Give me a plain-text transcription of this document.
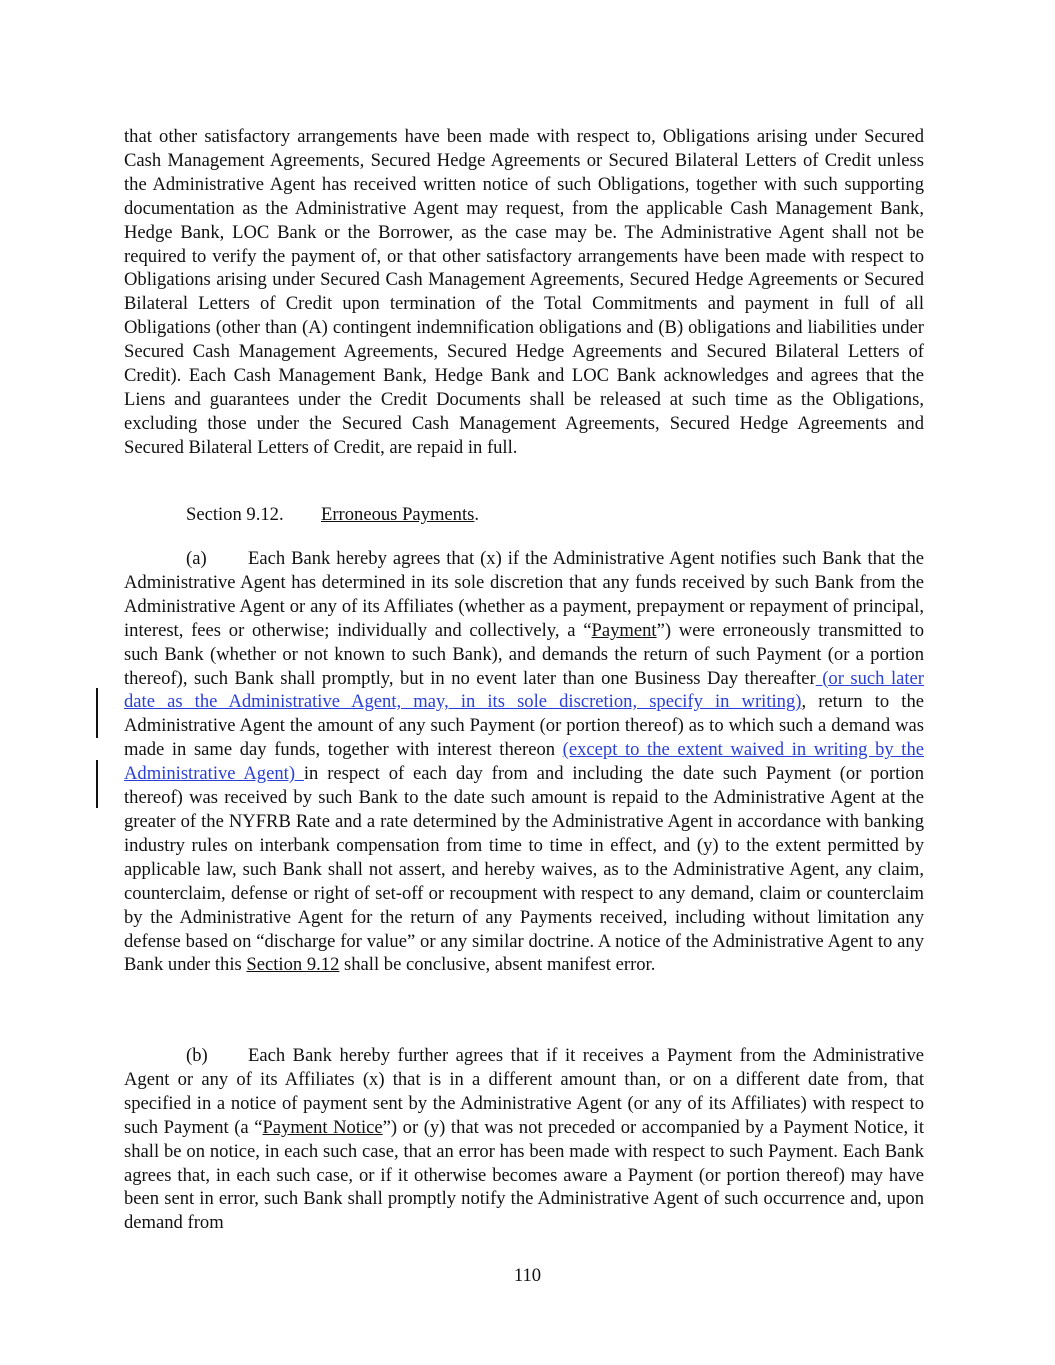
that other satisfactory arrangements have been made with respect to, Obligations arising under Secured Cash Management Agreements, Secured Hedge Agreements or Secured Bilateral Letters of Credit unless the Administrative Agent has received written notice of such Obligations, together with such supporting documentation as the Administrative Agent may request, from the applicable Cash Management Bank, Hedge Bank, LOC Bank or the Borrower, as the case may be. The Administrative Agent shall not be required to verify the payment of, or that other satisfactory arrangements have been made with respect to Obligations arising under Secured Cash Management Agreements, Secured Hedge Agreements or Secured Bilateral Letters of Credit upon termination of the Total Commitments and payment in full of all Obligations (other than (A) contingent indemnification obligations and (B) obligations and liabilities under Secured Cash Management Agreements, Secured Hedge Agreements and Secured Bilateral Letters of Credit). Each Cash Management Bank, Hedge Bank and LOC Bank acknowledges and agrees that the Liens and guarantees under the Credit Documents shall be released at such time as the Obligations, excluding those under the Secured Cash Management Agreements, Secured Hedge Agreements and Secured Bilateral Letters of Credit, are repaid in full.

Section 9.12. Erroneous Payments.

(a) Each Bank hereby agrees that (x) if the Administrative Agent notifies such Bank that the Administrative Agent has determined in its sole discretion that any funds received by such Bank from the Administrative Agent or any of its Affiliates (whether as a payment, prepayment or repayment of principal, interest, fees or otherwise; individually and collectively, a “Payment”) were erroneously transmitted to such Bank (whether or not known to such Bank), and demands the return of such Payment (or a portion thereof), such Bank shall promptly, but in no event later than one Business Day thereafter (or such later date as the Administrative Agent, may, in its sole discretion, specify in writing), return to the Administrative Agent the amount of any such Payment (or portion thereof) as to which such a demand was made in same day funds, together with interest thereon (except to the extent waived in writing by the Administrative Agent) in respect of each day from and including the date such Payment (or portion thereof) was received by such Bank to the date such amount is repaid to the Administrative Agent at the greater of the NYFRB Rate and a rate determined by the Administrative Agent in accordance with banking industry rules on interbank compensation from time to time in effect, and (y) to the extent permitted by applicable law, such Bank shall not assert, and hereby waives, as to the Administrative Agent, any claim, counterclaim, defense or right of set-off or recoupment with respect to any demand, claim or counterclaim by the Administrative Agent for the return of any Payments received, including without limitation any defense based on “discharge for value” or any similar doctrine. A notice of the Administrative Agent to any Bank under this Section 9.12 shall be conclusive, absent manifest error.

(b) Each Bank hereby further agrees that if it receives a Payment from the Administrative Agent or any of its Affiliates (x) that is in a different amount than, or on a different date from, that specified in a notice of payment sent by the Administrative Agent (or any of its Affiliates) with respect to such Payment (a “Payment Notice”) or (y) that was not preceded or accompanied by a Payment Notice, it shall be on notice, in each such case, that an error has been made with respect to such Payment. Each Bank agrees that, in each such case, or if it otherwise becomes aware a Payment (or portion thereof) may have been sent in error, such Bank shall promptly notify the Administrative Agent of such occurrence and, upon demand from

110
